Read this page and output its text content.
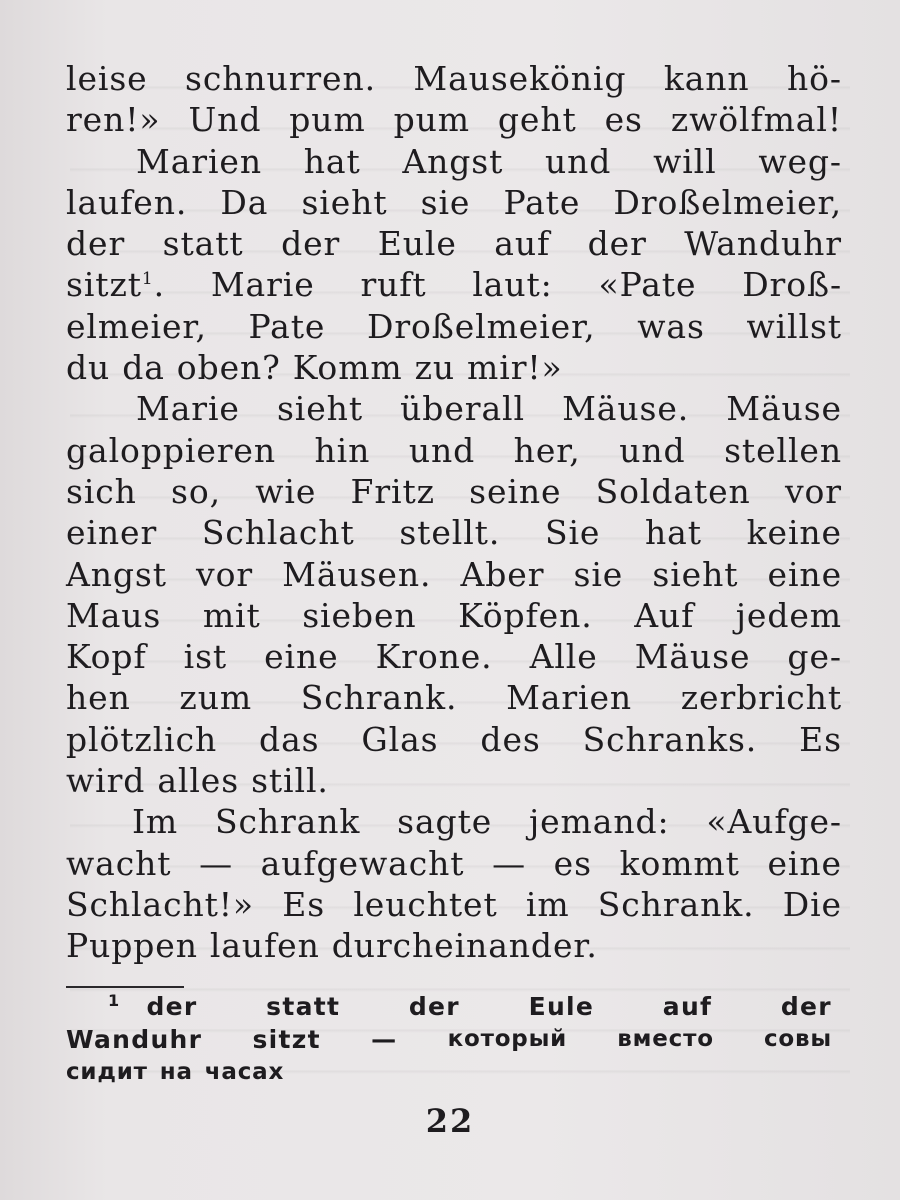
leise schnurren. Mausekönig kann hö-
ren!» Und pum pum geht es zwölfmal!
Marien hat Angst und will weg-
laufen. Da sieht sie Pate Droßelmeier,
der statt der Eule auf der Wanduhr
sitzt$^1$. Marie ruft laut: «Pate Droß-
elmeier, Pate Droßelmeier, was willst
du da oben? Komm zu mir!»
Marie sieht überall Mäuse. Mäuse
galoppieren hin und her, und stellen
sich so, wie Fritz seine Soldaten vor
einer Schlacht stellt. Sie hat keine
Angst vor Mäusen. Aber sie sieht eine
Maus mit sieben Köpfen. Auf jedem
Kopf ist eine Krone. Alle Mäuse ge-
hen zum Schrank. Marien zerbricht
plötzlich das Glas des Schranks. Es
wird alles still.
Im Schrank sagte jemand: «Aufge-
wacht — aufgewacht — es kommt eine
Schlacht!» Es leuchtet im Schrank. Die
Puppen laufen durcheinander.
$^1$	der	statt	der	Eule	auf	der
Wanduhr sitzt — который вместо совы
сидит на часах
22
